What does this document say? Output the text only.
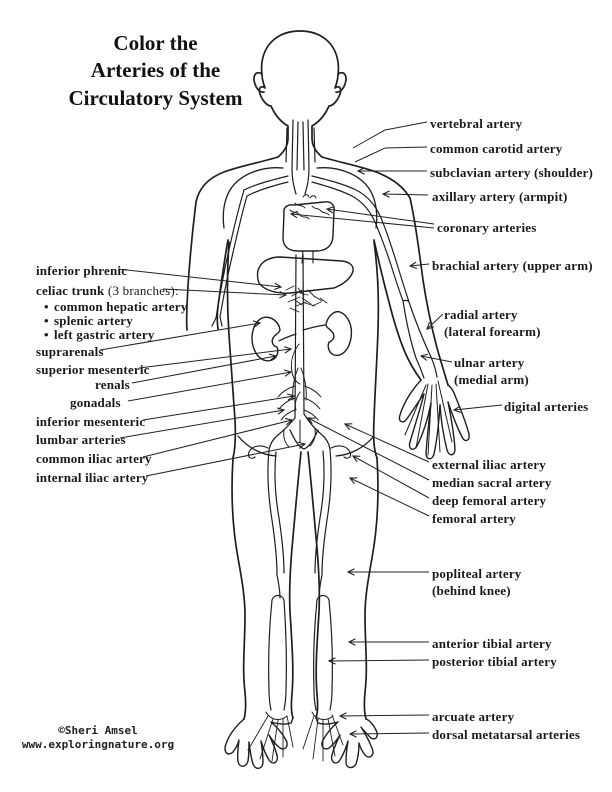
Color the
Arteries of the
Circulatory System
vertebral artery
common carotid artery
subclavian artery (shoulder)
axillary artery (armpit)
coronary arteries
brachial artery (upper arm)
radial artery
(lateral forearm)
ulnar artery
(medial arm)
digital arteries
external iliac artery
median sacral artery
deep femoral artery
femoral artery
popliteal artery
(behind knee)
anterior tibial artery
posterior tibial artery
arcuate artery
dorsal metatarsal arteries
inferior phrenic
celiac trunk (3 branches):
• common hepatic artery
• splenic artery
• left gastric artery
suprarenals
superior mesenteric
renals
gonadals
inferior mesenteric
lumbar arteries
common iliac artery
internal iliac artery
©Sheri Amsel
www.exploringnature.org
